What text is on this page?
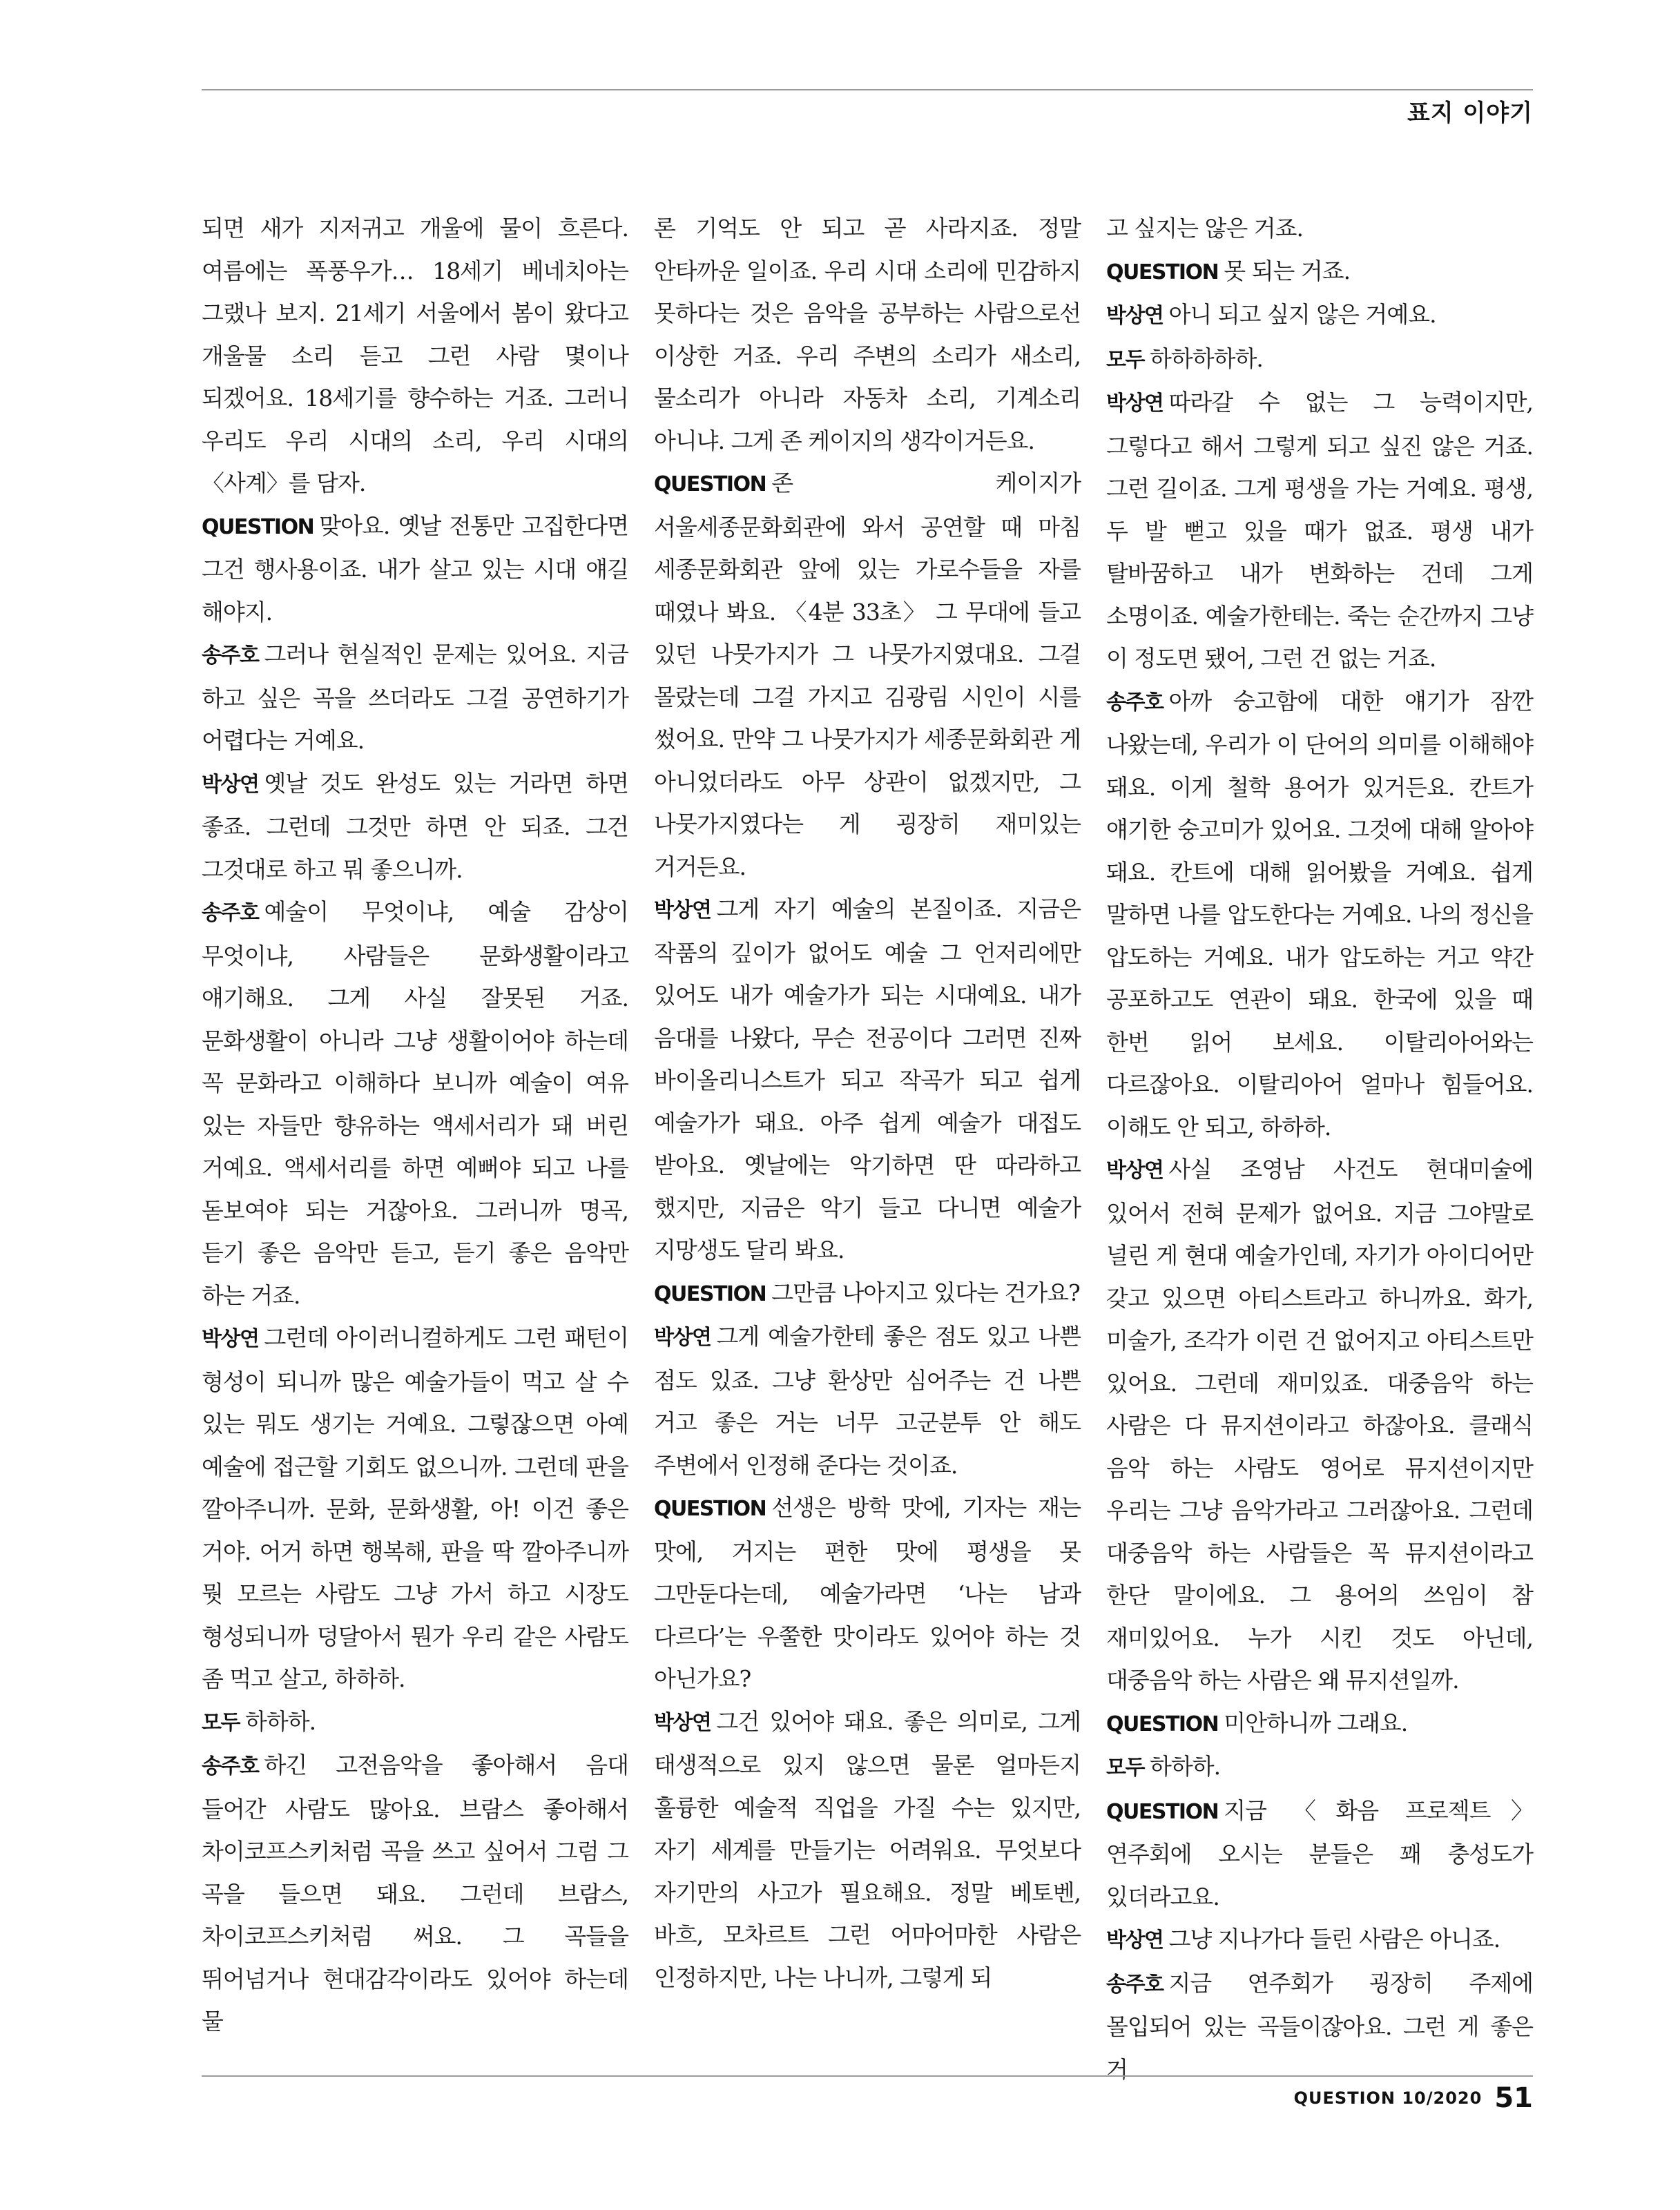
표지 이야기

되면 새가 지저귀고 개울에 물이 흐른다. 여름에는 폭풍우가… 18세기 베네치아는 그랬나 보지. 21세기 서울에서 봄이 왔다고 개울물 소리 듣고 그런 사람 몇이나 되겠어요. 18세기를 향수하는 거죠. 그러니 우리도 우리 시대의 소리, 우리 시대의 〈사계〉를 담자.

QUESTION 맞아요. 옛날 전통만 고집한다면 그건 행사용이죠. 내가 살고 있는 시대 얘길 해야지.

송주호 그러나 현실적인 문제는 있어요. 지금 하고 싶은 곡을 쓰더라도 그걸 공연하기가 어렵다는 거예요.

박상연 옛날 것도 완성도 있는 거라면 하면 좋죠. 그런데 그것만 하면 안 되죠. 그건 그것대로 하고 뭐 좋으니까.

송주호 예술이 무엇이냐, 예술 감상이 무엇이냐, 사람들은 문화생활이라고 얘기해요. 그게 사실 잘못된 거죠. 문화생활이 아니라 그냥 생활이어야 하는데 꼭 문화라고 이해하다 보니까 예술이 여유 있는 자들만 향유하는 액세서리가 돼 버린 거예요. 액세서리를 하면 예뻐야 되고 나를 돋보여야 되는 거잖아요. 그러니까 명곡, 듣기 좋은 음악만 듣고, 듣기 좋은 음악만 하는 거죠.

박상연 그런데 아이러니컬하게도 그런 패턴이 형성이 되니까 많은 예술가들이 먹고 살 수 있는 뭐도 생기는 거예요. 그렇잖으면 아예 예술에 접근할 기회도 없으니까. 그런데 판을 깔아주니까. 문화, 문화생활, 아! 이건 좋은 거야. 어거 하면 행복해, 판을 딱 깔아주니까 뭣 모르는 사람도 그냥 가서 하고 시장도 형성되니까 덩달아서 뭔가 우리 같은 사람도 좀 먹고 살고, 하하하.

모두 하하하.

송주호 하긴 고전음악을 좋아해서 음대 들어간 사람도 많아요. 브람스 좋아해서 차이코프스키처럼 곡을 쓰고 싶어서 그럼 그 곡을 들으면 돼요. 그런데 브람스, 차이코프스키처럼 써요. 그 곡들을 뛰어넘거나 현대감각이라도 있어야 하는데 물

론 기억도 안 되고 곧 사라지죠. 정말 안타까운 일이죠. 우리 시대 소리에 민감하지 못하다는 것은 음악을 공부하는 사람으로선 이상한 거죠. 우리 주변의 소리가 새소리, 물소리가 아니라 자동차 소리, 기계소리 아니냐. 그게 존 케이지의 생각이거든요.

QUESTION 존 케이지가 서울세종문화회관에 와서 공연할 때 마침 세종문화회관 앞에 있는 가로수들을 자를 때였나 봐요. 〈4분 33초〉 그 무대에 들고 있던 나뭇가지가 그 나뭇가지였대요. 그걸 몰랐는데 그걸 가지고 김광림 시인이 시를 썼어요. 만약 그 나뭇가지가 세종문화회관 게 아니었더라도 아무 상관이 없겠지만, 그 나뭇가지였다는 게 굉장히 재미있는 거거든요.

박상연 그게 자기 예술의 본질이죠. 지금은 작품의 깊이가 없어도 예술 그 언저리에만 있어도 내가 예술가가 되는 시대예요. 내가 음대를 나왔다, 무슨 전공이다 그러면 진짜 바이올리니스트가 되고 작곡가 되고 쉽게 예술가가 돼요. 아주 쉽게 예술가 대접도 받아요. 옛날에는 악기하면 딴 따라하고 했지만, 지금은 악기 들고 다니면 예술가 지망생도 달리 봐요.

QUESTION 그만큼 나아지고 있다는 건가요?

박상연 그게 예술가한테 좋은 점도 있고 나쁜 점도 있죠. 그냥 환상만 심어주는 건 나쁜 거고 좋은 거는 너무 고군분투 안 해도 주변에서 인정해 준다는 것이죠.

QUESTION 선생은 방학 맛에, 기자는 재는 맛에, 거지는 편한 맛에 평생을 못 그만둔다는데, 예술가라면 ‘나는 남과 다르다’는 우쭐한 맛이라도 있어야 하는 것 아닌가요?

박상연 그건 있어야 돼요. 좋은 의미로, 그게 태생적으로 있지 않으면 물론 얼마든지 훌륭한 예술적 직업을 가질 수는 있지만, 자기 세계를 만들기는 어려워요. 무엇보다 자기만의 사고가 필요해요. 정말 베토벤, 바흐, 모차르트 그런 어마어마한 사람은 인정하지만, 나는 나니까, 그렇게 되

고 싶지는 않은 거죠.

QUESTION 못 되는 거죠.

박상연 아니 되고 싶지 않은 거예요.

모두 하하하하하.

박상연 따라갈 수 없는 그 능력이지만, 그렇다고 해서 그렇게 되고 싶진 않은 거죠. 그런 길이죠. 그게 평생을 가는 거예요. 평생, 두 발 뻗고 있을 때가 없죠. 평생 내가 탈바꿈하고 내가 변화하는 건데 그게 소명이죠. 예술가한테는. 죽는 순간까지 그냥 이 정도면 됐어, 그런 건 없는 거죠.

송주호 아까 숭고함에 대한 얘기가 잠깐 나왔는데, 우리가 이 단어의 의미를 이해해야 돼요. 이게 철학 용어가 있거든요. 칸트가 얘기한 숭고미가 있어요. 그것에 대해 알아야 돼요. 칸트에 대해 읽어봤을 거예요. 쉽게 말하면 나를 압도한다는 거예요. 나의 정신을 압도하는 거예요. 내가 압도하는 거고 약간 공포하고도 연관이 돼요. 한국에 있을 때 한번 읽어 보세요. 이탈리아어와는 다르잖아요. 이탈리아어 얼마나 힘들어요. 이해도 안 되고, 하하하.

박상연 사실 조영남 사건도 현대미술에 있어서 전혀 문제가 없어요. 지금 그야말로 널린 게 현대 예술가인데, 자기가 아이디어만 갖고 있으면 아티스트라고 하니까요. 화가, 미술가, 조각가 이런 건 없어지고 아티스트만 있어요. 그런데 재미있죠. 대중음악 하는 사람은 다 뮤지션이라고 하잖아요. 클래식 음악 하는 사람도 영어로 뮤지션이지만 우리는 그냥 음악가라고 그러잖아요. 그런데 대중음악 하는 사람들은 꼭 뮤지션이라고 한단 말이에요. 그 용어의 쓰임이 참 재미있어요. 누가 시킨 것도 아닌데, 대중음악 하는 사람은 왜 뮤지션일까.

QUESTION 미안하니까 그래요.

모두 하하하.

QUESTION 지금 〈화음 프로젝트〉 연주회에 오시는 분들은 꽤 충성도가 있더라고요.

박상연 그냥 지나가다 들린 사람은 아니죠.

송주호 지금 연주회가 굉장히 주제에 몰입되어 있는 곡들이잖아요. 그런 게 좋은 거

QUESTION 10/2020 51
